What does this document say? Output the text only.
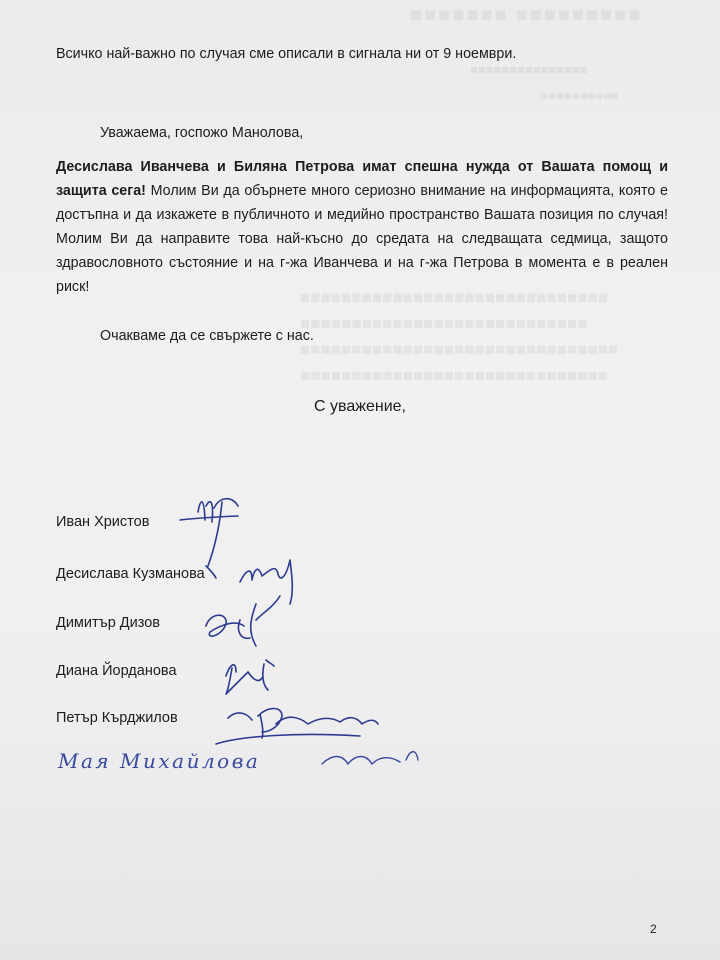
■■■■■■■ ■■■■■■■■■
■■■■■■■■■■■■■■■
■■■■■■■■■■
■■■■■■■■■■■■■■■■■■■■■■■■■■■■■■
■■■■■■■■■■■■■■■■■■■■■■■■■■■■
■■■■■■■■■■■■■■■■■■■■■■■■■■■■■■■
■■■■■■■■■■■■■■■■■■■■■■■■■■■■■■

Всичко най-важно по случая сме описали в сигнала ни от 9 ноември.

Уважаема, госпожо Манолова,

Десислава Иванчева и Биляна Петрова имат спешна нужда от Вашата помощ и защита сега! Молим Ви да обърнете много сериозно внимание на информацията, която е достъпна и да изкажете в публичното и медийно пространство Вашата позиция по случая! Молим Ви да направите това най-късно до средата на следващата седмица, защото здравословното състояние и на г-жа Иванчева и на г-жа Петрова в момента е в реален риск!

Очакваме да се свържете с нас.

С уважение,

Иван Христов
Десислава Кузманова
Димитър Дизов
Диана Йорданова
Петър Кърджилов
Мая Михайлова
2
